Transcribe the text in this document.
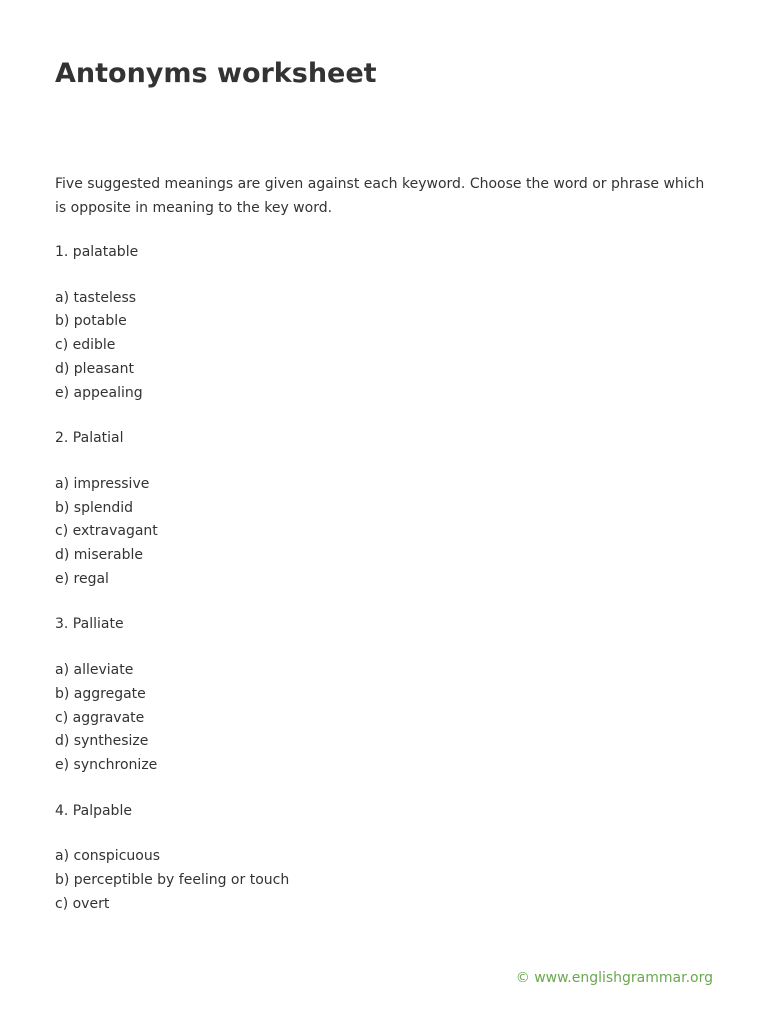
Antonyms worksheet

Five suggested meanings are given against each keyword. Choose the word or phrase which is opposite in meaning to the key word.

1. palatable
a) tasteless
b) potable
c) edible
d) pleasant
e) appealing
2. Palatial
a) impressive
b) splendid
c) extravagant
d) miserable
e) regal
3. Palliate
a) alleviate
b) aggregate
c) aggravate
d) synthesize
e) synchronize
4. Palpable
a) conspicuous
b) perceptible by feeling or touch
c) overt
© www.englishgrammar.org
